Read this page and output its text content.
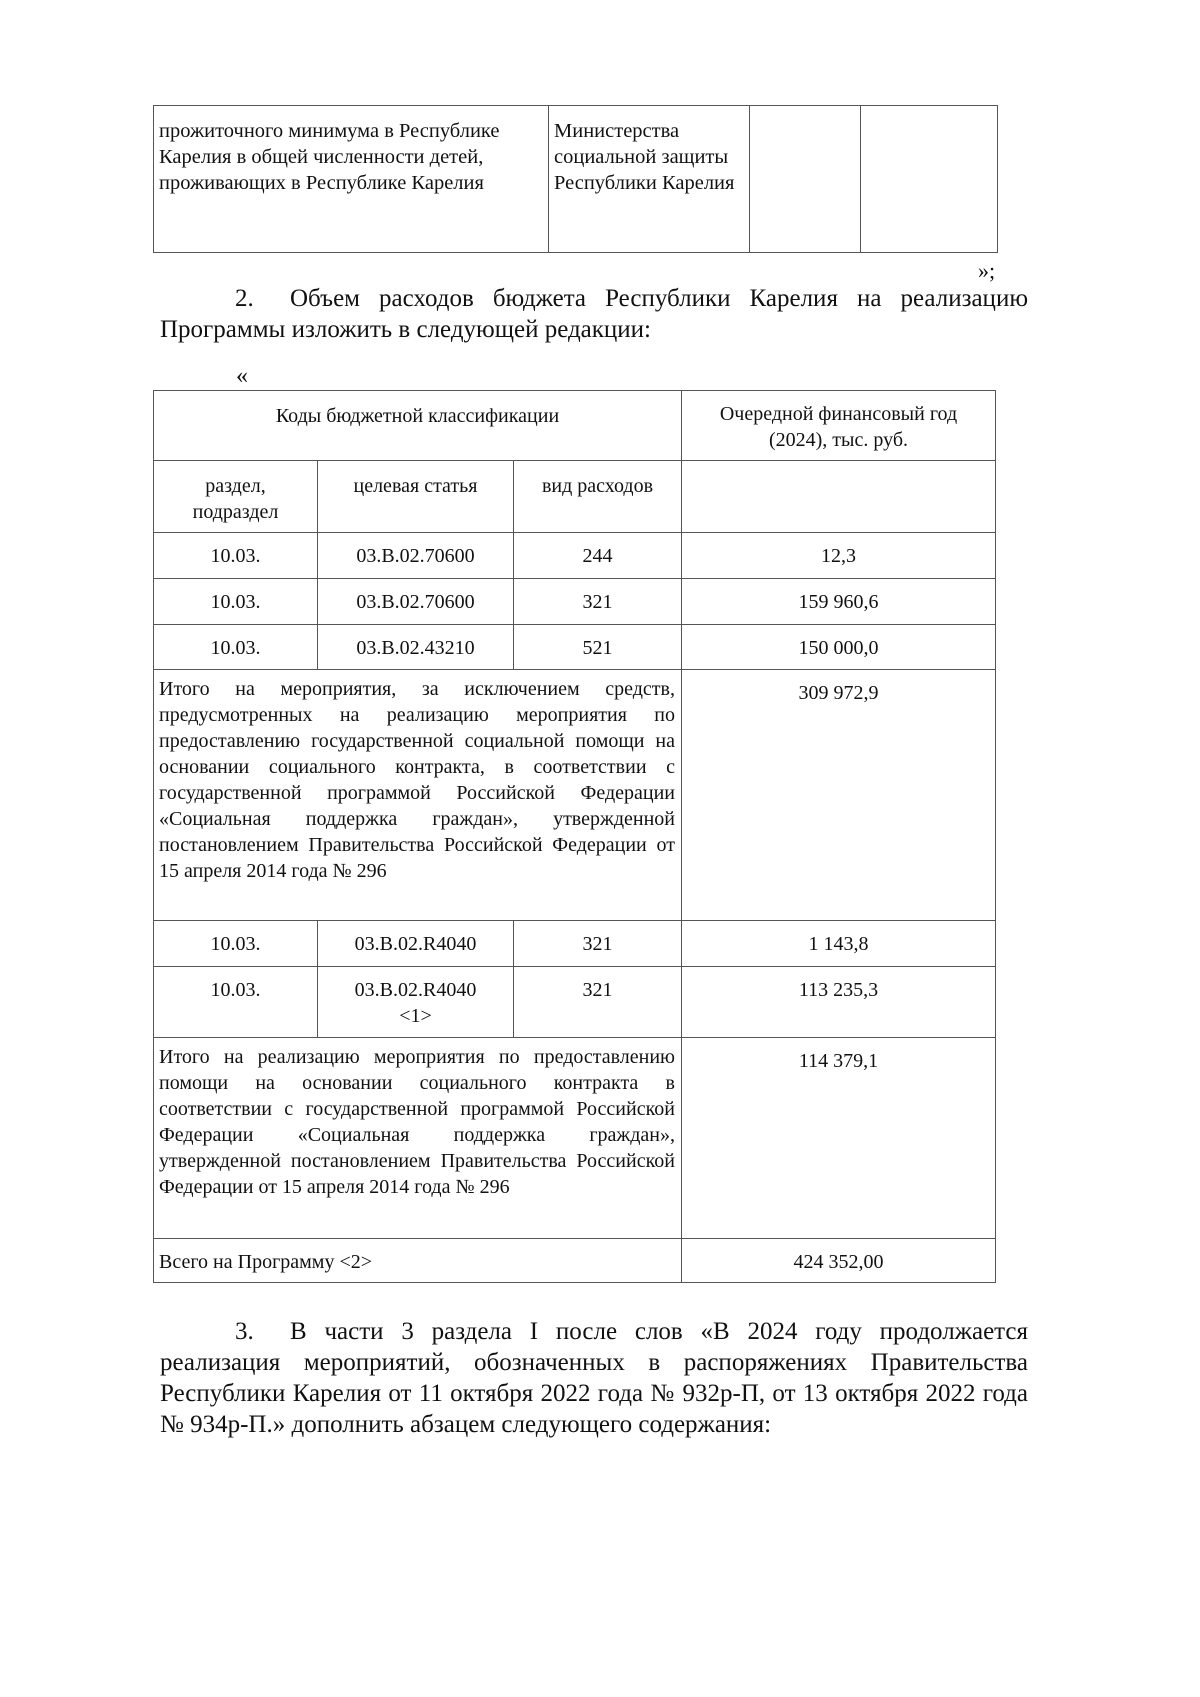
прожиточного минимума в Республике Карелия в общей численности детей, проживающих в Республике Карелия	Министерства социальной защиты Республики Карелия		
»;
2. Объем расходов бюджета Республики Карелия на реализацию Программы изложить в следующей редакции:
«
Коды бюджетной классификации			Очередной финансовый год (2024), тыс. руб.
раздел, подраздел	целевая статья	вид расходов	
10.03.	03.В.02.70600	244	12,3
10.03.	03.В.02.70600	321	159 960,6
10.03.	03.В.02.43210	521	150 000,0
Итого на мероприятия, за исключением средств, предусмотренных на реализацию мероприятия по предоставлению государственной социальной помощи на основании социального контракта, в соответствии с государственной программой Российской Федерации «Социальная поддержка граждан», утвержденной постановлением Правительства Российской Федерации от 15 апреля 2014 года № 296			309 972,9
10.03.	03.В.02.R4040	321	1 143,8
10.03.	03.В.02.R4040 <1>	321	113 235,3
Итого на реализацию мероприятия по предоставлению помощи на основании социального контракта в соответствии с государственной программой Российской Федерации «Социальная поддержка граждан», утвержденной постановлением Правительства Российской Федерации от 15 апреля 2014 года № 296			114 379,1
Всего на Программу <2>			424 352,00
3. В части 3 раздела I после слов «В 2024 году продолжается реализация мероприятий, обозначенных в распоряжениях Правительства Республики Карелия от 11 октября 2022 года № 932р-П, от 13 октября 2022 года № 934р-П.» дополнить абзацем следующего содержания:
